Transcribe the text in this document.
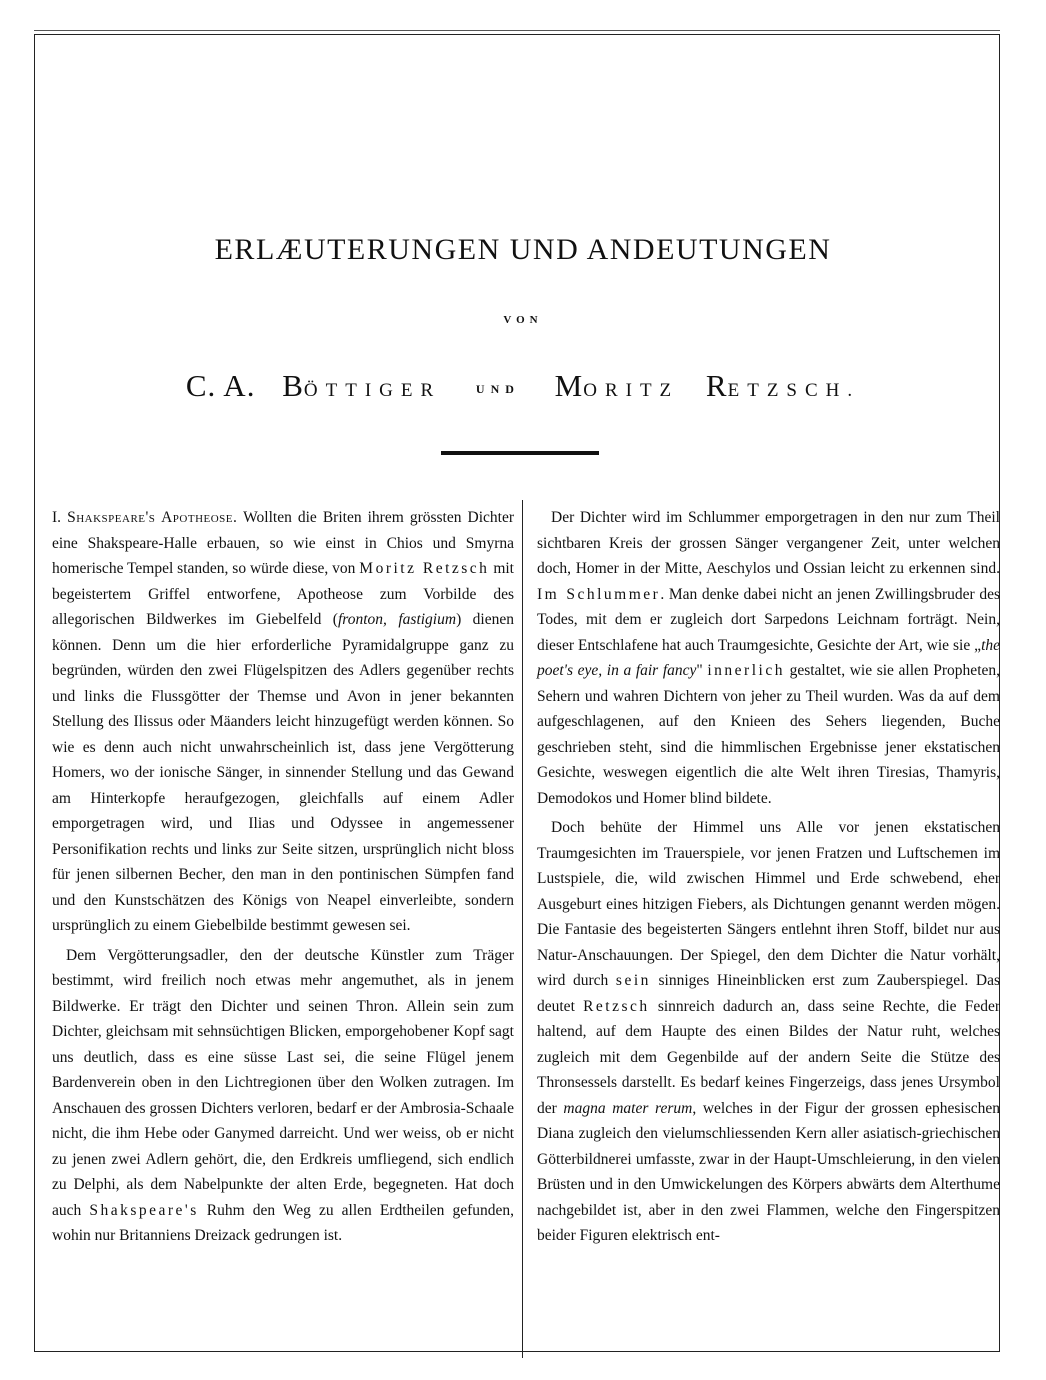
ERLÆUTERUNGEN UND ANDEUTUNGEN
VON
C. A. BÖTTIGER	UND MORITZ RETZSCH.

I. Shakspeare's Apotheose. Wollten die Briten ihrem grössten Dichter eine Shakspeare-Halle erbauen, so wie einst in Chios und Smyrna homerische Tempel standen, so würde diese, von Moritz Retzsch mit begeistertem Griffel entworfene, Apotheose zum Vorbilde des allegorischen Bildwerkes im Giebelfeld (fronton, fastigium) dienen können. Denn um die hier erforderliche Pyramidalgruppe ganz zu begründen, würden den zwei Flügelspitzen des Adlers gegenüber rechts und links die Flussgötter der Themse und Avon in jener bekannten Stellung des Ilissus oder Mäanders leicht hinzugefügt werden können. So wie es denn auch nicht unwahrscheinlich ist, dass jene Vergötterung Homers, wo der ionische Sänger, in sinnender Stellung und das Gewand am Hinterkopfe heraufgezogen, gleichfalls auf einem Adler emporgetragen wird, und Ilias und Odyssee in angemessener Personifikation rechts und links zur Seite sitzen, ursprünglich nicht bloss für jenen silbernen Becher, den man in den pontinischen Sümpfen fand und den Kunstschätzen des Königs von Neapel einverleibte, sondern ursprünglich zu einem Giebelbilde bestimmt gewesen sei.

Dem Vergötterungsadler, den der deutsche Künstler zum Träger bestimmt, wird freilich noch etwas mehr angemuthet, als in jenem Bildwerke. Er trägt den Dichter und seinen Thron. Allein sein zum Dichter, gleichsam mit sehnsüchtigen Blicken, emporgehobener Kopf sagt uns deutlich, dass es eine süsse Last sei, die seine Flügel jenem Bardenverein oben in den Lichtregionen über den Wolken zutragen. Im Anschauen des grossen Dichters verloren, bedarf er der Ambrosia-Schaale nicht, die ihm Hebe oder Ganymed darreicht. Und wer weiss, ob er nicht zu jenen zwei Adlern gehört, die, den Erdkreis umfliegend, sich endlich zu Delphi, als dem Nabelpunkte der alten Erde, begegneten. Hat doch auch Shakspeare's Ruhm den Weg zu allen Erdtheilen gefunden, wohin nur Britanniens Dreizack gedrungen ist.

Der Dichter wird im Schlummer emporgetragen in den nur zum Theil sichtbaren Kreis der grossen Sänger vergangener Zeit, unter welchen doch, Homer in der Mitte, Aeschylos und Ossian leicht zu erkennen sind. Im Schlummer. Man denke dabei nicht an jenen Zwillingsbruder des Todes, mit dem er zugleich dort Sarpedons Leichnam forträgt. Nein, dieser Entschlafene hat auch Traumgesichte, Gesichte der Art, wie sie „the poet's eye, in a fair fancy" innerlich gestaltet, wie sie allen Propheten, Sehern und wahren Dichtern von jeher zu Theil wurden. Was da auf dem aufgeschlagenen, auf den Knieen des Sehers liegenden, Buche geschrieben steht, sind die himmlischen Ergebnisse jener ekstatischen Gesichte, weswegen eigentlich die alte Welt ihren Tiresias, Thamyris, Demodokos und Homer blind bildete.

Doch behüte der Himmel uns Alle vor jenen ekstatischen Traumgesichten im Trauerspiele, vor jenen Fratzen und Luftschemen im Lustspiele, die, wild zwischen Himmel und Erde schwebend, eher Ausgeburt eines hitzigen Fiebers, als Dichtungen genannt werden mögen. Die Fantasie des begeisterten Sängers entlehnt ihren Stoff, bildet nur aus Natur-Anschauungen. Der Spiegel, den dem Dichter die Natur vorhält, wird durch sein sinniges Hineinblicken erst zum Zauberspiegel. Das deutet Retzsch sinnreich dadurch an, dass seine Rechte, die Feder haltend, auf dem Haupte des einen Bildes der Natur ruht, welches zugleich mit dem Gegenbilde auf der andern Seite die Stütze des Thronsessels darstellt. Es bedarf keines Fingerzeigs, dass jenes Ursymbol der magna mater rerum, welches in der Figur der grossen ephesischen Diana zugleich den vielumschliessenden Kern aller asiatisch-griechischen Götterbildnerei umfasste, zwar in der Haupt-Umschleierung, in den vielen Brüsten und in den Umwickelungen des Körpers abwärts dem Alterthume nachgebildet ist, aber in den zwei Flammen, welche den Fingerspitzen beider Figuren elektrisch ent-
